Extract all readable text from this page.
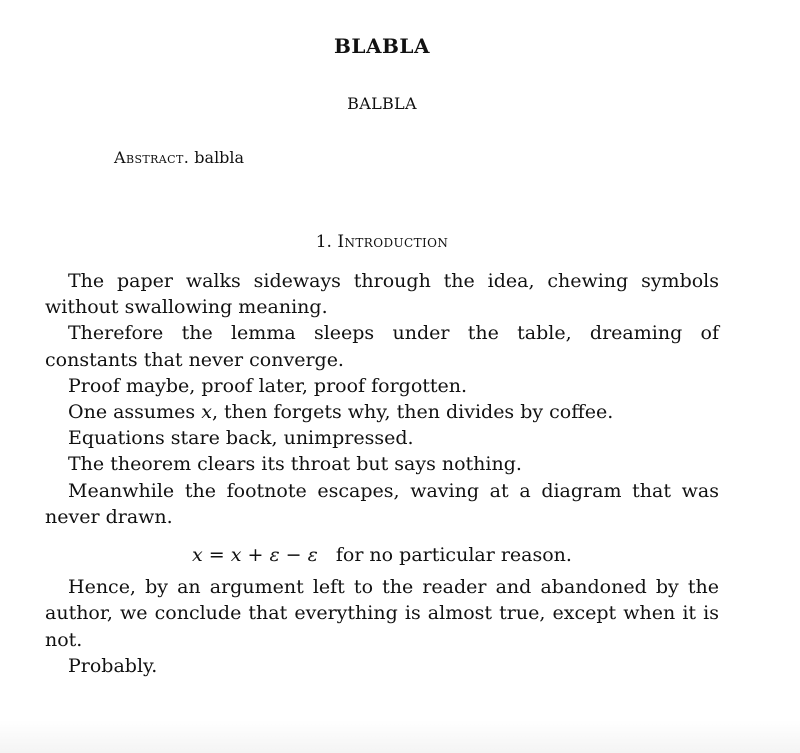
BLABLA
BALBLA
Abstract. balbla
1. Introduction

The paper walks sideways through the idea, chewing symbols without swallowing meaning.

Therefore the lemma sleeps under the table, dreaming of constants that never converge.

Proof maybe, proof later, proof forgotten.

One assumes x, then forgets why, then divides by coffee.

Equations stare back, unimpressed.

The theorem clears its throat but says nothing.

Meanwhile the footnote escapes, waving at a diagram that was never drawn.

x = x + ε − ε for no particular reason.

Hence, by an argument left to the reader and abandoned by the author, we conclude that everything is almost true, except when it is not.

Probably.
